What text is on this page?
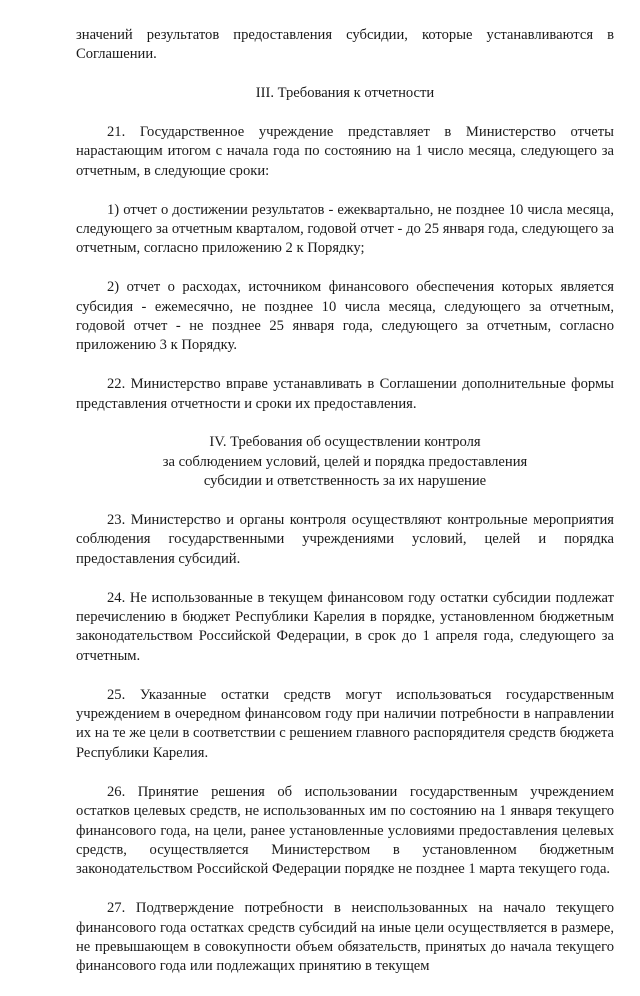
значений результатов предоставления субсидии, которые устанавливаются в Соглашении.

III. Требования к отчетности

21. Государственное учреждение представляет в Министерство отчеты нарастающим итогом с начала года по состоянию на 1 число месяца, следующего за отчетным, в следующие сроки:

1) отчет о достижении результатов - ежеквартально, не позднее 10 числа месяца, следующего за отчетным кварталом, годовой отчет - до 25 января года, следующего за отчетным, согласно приложению 2 к Порядку;

2) отчет о расходах, источником финансового обеспечения которых является субсидия - ежемесячно, не позднее 10 числа месяца, следующего за отчетным, годовой отчет - не позднее 25 января года, следующего за отчетным, согласно приложению 3 к Порядку.

22. Министерство вправе устанавливать в Соглашении дополнительные формы представления отчетности и сроки их предоставления.

IV. Требования об осуществлении контроля
за соблюдением условий, целей и порядка предоставления
субсидии и ответственность за их нарушение

23. Министерство и органы контроля осуществляют контрольные мероприятия соблюдения государственными учреждениями условий, целей и порядка предоставления субсидий.

24. Не использованные в текущем финансовом году остатки субсидии подлежат перечислению в бюджет Республики Карелия в порядке, установленном бюджетным законодательством Российской Федерации, в срок до 1 апреля года, следующего за отчетным.

25. Указанные остатки средств могут использоваться государственным учреждением в очередном финансовом году при наличии потребности в направлении их на те же цели в соответствии с решением главного распорядителя средств бюджета Республики Карелия.

26. Принятие решения об использовании государственным учреждением остатков целевых средств, не использованных им по состоянию на 1 января текущего финансового года, на цели, ранее установленные условиями предоставления целевых средств, осуществляется Министерством в установленном бюджетным законодательством Российской Федерации порядке не позднее 1 марта текущего года.

27. Подтверждение потребности в неиспользованных на начало текущего финансового года остатках средств субсидий на иные цели осуществляется в размере, не превышающем в совокупности объем обязательств, принятых до начала текущего финансового года или подлежащих принятию в текущем
